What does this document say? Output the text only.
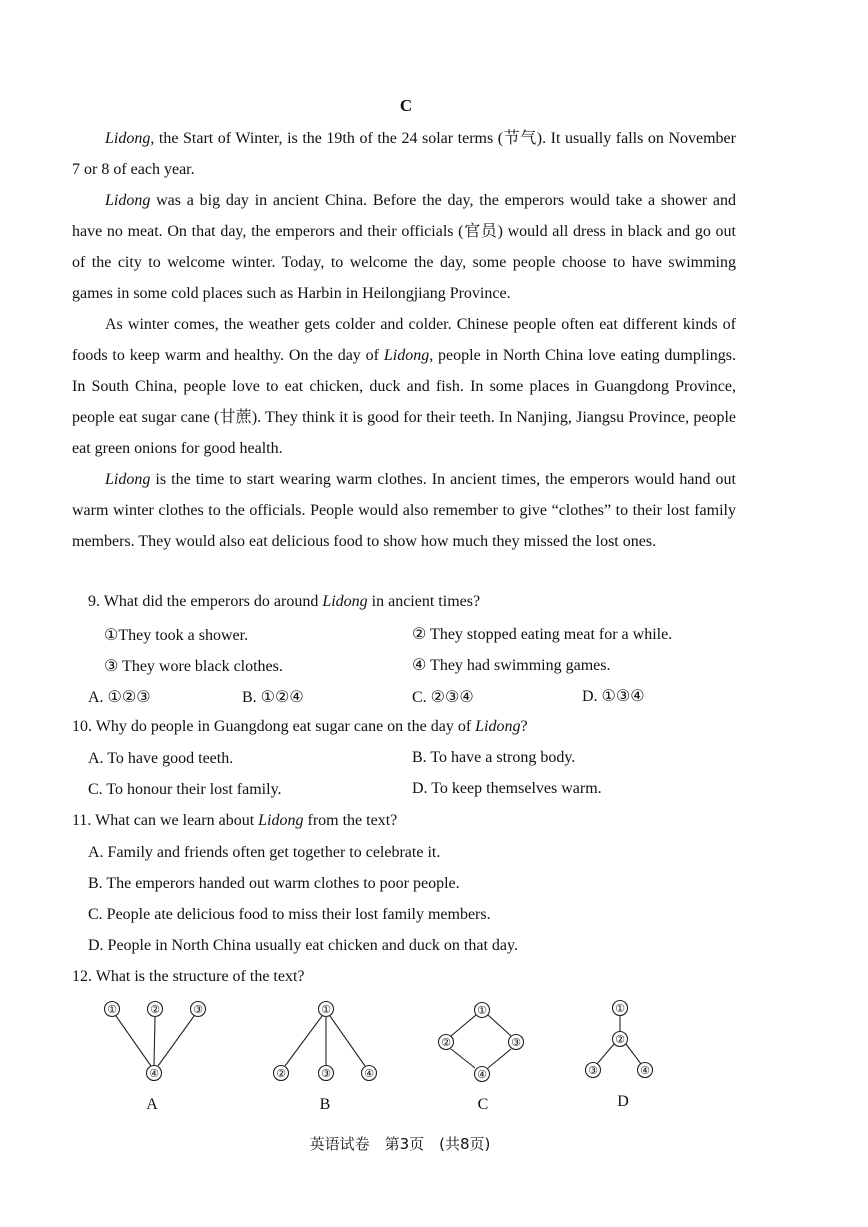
C

Lidong, the Start of Winter, is the 19th of the 24 solar terms (节气). It usually falls on November 7 or 8 of each year.

Lidong was a big day in ancient China. Before the day, the emperors would take a shower and have no meat. On that day, the emperors and their officials (官员) would all dress in black and go out of the city to welcome winter. Today, to welcome the day, some people choose to have swimming games in some cold places such as Harbin in Heilongjiang Province.

As winter comes, the weather gets colder and colder. Chinese people often eat different kinds of foods to keep warm and healthy. On the day of Lidong, people in North China love eating dumplings. In South China, people love to eat chicken, duck and fish. In some places in Guangdong Province, people eat sugar cane (甘蔗). They think it is good for their teeth. In Nanjing, Jiangsu Province, people eat green onions for good health.

Lidong is the time to start wearing warm clothes. In ancient times, the emperors would hand out warm winter clothes to the officials. People would also remember to give “clothes” to their lost family members. They would also eat delicious food to show how much they missed the lost ones.

9. What did the emperors do around Lidong in ancient times?
①They took a shower.	② They stopped eating meat for a while.
③ They wore black clothes.	④ They had swimming games.
A. ①②③	B. ①②④	C. ②③④	D. ①③④
10. Why do people in Guangdong eat sugar cane on the day of Lidong?
A. To have good teeth.	B. To have a strong body.
C. To honour their lost family.	D. To keep themselves warm.
11. What can we learn about Lidong from the text?
A. Family and friends often get together to celebrate it.
B. The emperors handed out warm clothes to poor people.
C. People ate delicious food to miss their lost family members.
D. People in North China usually eat chicken and duck on that day.
12. What is the structure of the text?
①	②	③
④
①
②	③	④
①
②	③
④
①
②
③	④
A	B	C	D
英语试卷　第3页　(共8页)
